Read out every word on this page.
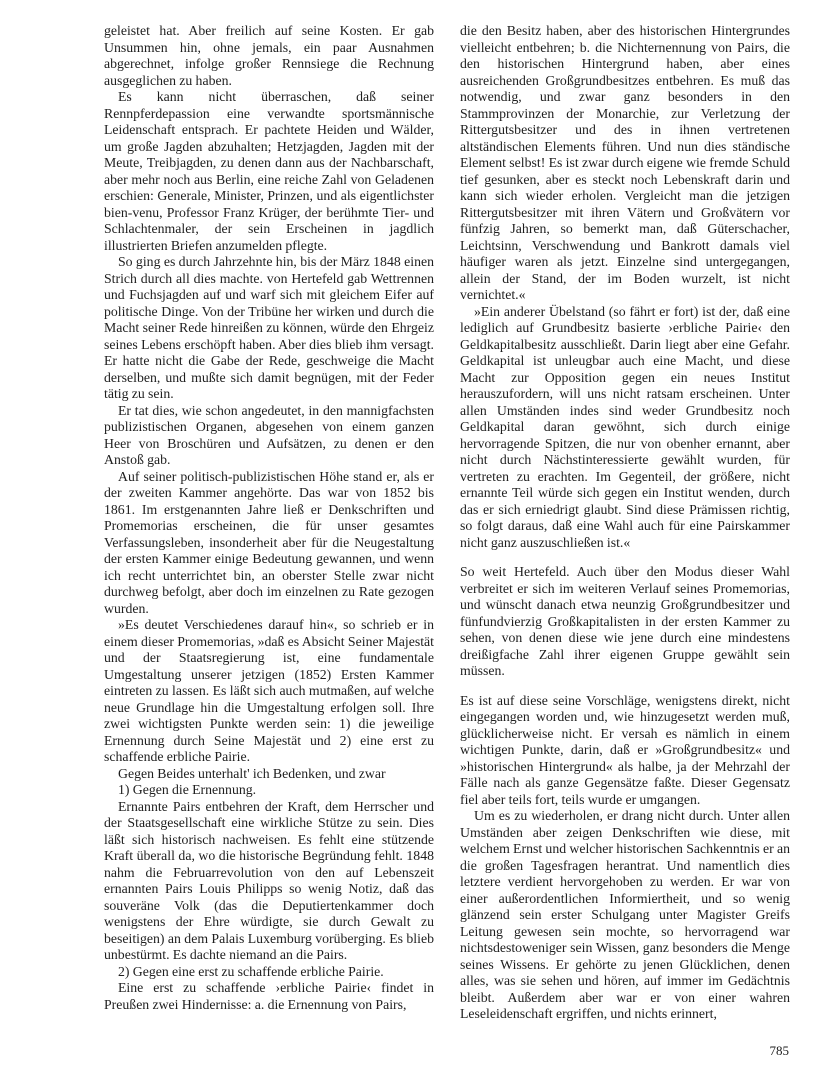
geleistet hat. Aber freilich auf seine Kosten. Er gab Unsummen hin, ohne jemals, ein paar Ausnahmen abgerechnet, infolge großer Rennsiege die Rechnung ausgeglichen zu haben.

Es kann nicht überraschen, daß seiner Rennpferdepassion eine verwandte sportsmännische Leidenschaft entsprach. Er pachtete Heiden und Wälder, um große Jagden abzuhalten; Hetzjagden, Jagden mit der Meute, Treibjagden, zu denen dann aus der Nachbarschaft, aber mehr noch aus Berlin, eine reiche Zahl von Geladenen erschien: Generale, Minister, Prinzen, und als eigentlichster bien-venu, Professor Franz Krüger, der berühmte Tier- und Schlachtenmaler, der sein Erscheinen in jagdlich illustrierten Briefen anzumelden pflegte.

So ging es durch Jahrzehnte hin, bis der März 1848 einen Strich durch all dies machte. von Hertefeld gab Wettrennen und Fuchsjagden auf und warf sich mit gleichem Eifer auf politische Dinge. Von der Tribüne her wirken und durch die Macht seiner Rede hinreißen zu können, würde den Ehrgeiz seines Lebens erschöpft haben. Aber dies blieb ihm versagt. Er hatte nicht die Gabe der Rede, geschweige die Macht derselben, und mußte sich damit begnügen, mit der Feder tätig zu sein.

Er tat dies, wie schon angedeutet, in den mannigfachsten publizistischen Organen, abgesehen von einem ganzen Heer von Broschüren und Aufsätzen, zu denen er den Anstoß gab.

Auf seiner politisch-publizistischen Höhe stand er, als er der zweiten Kammer angehörte. Das war von 1852 bis 1861. Im erstgenannten Jahre ließ er Denkschriften und Promemorias erscheinen, die für unser gesamtes Verfassungsleben, insonderheit aber für die Neugestaltung der ersten Kammer einige Bedeutung gewannen, und wenn ich recht unterrichtet bin, an oberster Stelle zwar nicht durchweg befolgt, aber doch im einzelnen zu Rate gezogen wurden.

»Es deutet Verschiedenes darauf hin«, so schrieb er in einem dieser Promemorias, »daß es Absicht Seiner Majestät und der Staatsregierung ist, eine fundamentale Umgestaltung unserer jetzigen (1852) Ersten Kammer eintreten zu lassen. Es läßt sich auch mutmaßen, auf welche neue Grundlage hin die Umgestaltung erfolgen soll. Ihre zwei wichtigsten Punkte werden sein: 1) die jeweilige Ernennung durch Seine Majestät und 2) eine erst zu schaffende erbliche Pairie.

Gegen Beides unterhalt' ich Bedenken, und zwar

1) Gegen die Ernennung.

Ernannte Pairs entbehren der Kraft, dem Herrscher und der Staatsgesellschaft eine wirkliche Stütze zu sein. Dies läßt sich historisch nachweisen. Es fehlt eine stützende Kraft überall da, wo die historische Begründung fehlt. 1848 nahm die Februarrevolution von den auf Lebenszeit ernannten Pairs Louis Philipps so wenig Notiz, daß das souveräne Volk (das die Deputiertenkammer doch wenigstens der Ehre würdigte, sie durch Gewalt zu beseitigen) an dem Palais Luxemburg vorüberging. Es blieb unbestürmt. Es dachte niemand an die Pairs.

2) Gegen eine erst zu schaffende erbliche Pairie.

Eine erst zu schaffende ›erbliche Pairie‹ findet in Preußen zwei Hindernisse: a. die Ernennung von Pairs,

die den Besitz haben, aber des historischen Hintergrundes vielleicht entbehren; b. die Nichternennung von Pairs, die den historischen Hintergrund haben, aber eines ausreichenden Großgrundbesitzes entbehren. Es muß das notwendig, und zwar ganz besonders in den Stammprovinzen der Monarchie, zur Verletzung der Rittergutsbesitzer und des in ihnen vertretenen altständischen Elements führen. Und nun dies ständische Element selbst! Es ist zwar durch eigene wie fremde Schuld tief gesunken, aber es steckt noch Lebenskraft darin und kann sich wieder erholen. Vergleicht man die jetzigen Rittergutsbesitzer mit ihren Vätern und Großvätern vor fünfzig Jahren, so bemerkt man, daß Güterschacher, Leichtsinn, Verschwendung und Bankrott damals viel häufiger waren als jetzt. Einzelne sind untergegangen, allein der Stand, der im Boden wurzelt, ist nicht vernichtet.«

»Ein anderer Übelstand (so fährt er fort) ist der, daß eine lediglich auf Grundbesitz basierte ›erbliche Pairie‹ den Geldkapitalbesitz ausschließt. Darin liegt aber eine Gefahr. Geldkapital ist unleugbar auch eine Macht, und diese Macht zur Opposition gegen ein neues Institut herauszufordern, will uns nicht ratsam erscheinen. Unter allen Umständen indes sind weder Grundbesitz noch Geldkapital daran gewöhnt, sich durch einige hervorragende Spitzen, die nur von obenher ernannt, aber nicht durch Nächstinteressierte gewählt wurden, für vertreten zu erachten. Im Gegenteil, der größere, nicht ernannte Teil würde sich gegen ein Institut wenden, durch das er sich erniedrigt glaubt. Sind diese Prämissen richtig, so folgt daraus, daß eine Wahl auch für eine Pairskammer nicht ganz auszuschließen ist.«

So weit Hertefeld. Auch über den Modus dieser Wahl verbreitet er sich im weiteren Verlauf seines Promemorias, und wünscht danach etwa neunzig Großgrundbesitzer und fünfundvierzig Großkapitalisten in der ersten Kammer zu sehen, von denen diese wie jene durch eine mindestens dreißigfache Zahl ihrer eigenen Gruppe gewählt sein müssen.

Es ist auf diese seine Vorschläge, wenigstens direkt, nicht eingegangen worden und, wie hinzugesetzt werden muß, glücklicherweise nicht. Er versah es nämlich in einem wichtigen Punkte, darin, daß er »Großgrundbesitz« und »historischen Hintergrund« als halbe, ja der Mehrzahl der Fälle nach als ganze Gegensätze faßte. Dieser Gegensatz fiel aber teils fort, teils wurde er umgangen.

Um es zu wiederholen, er drang nicht durch. Unter allen Umständen aber zeigen Denkschriften wie diese, mit welchem Ernst und welcher historischen Sachkenntnis er an die großen Tagesfragen herantrat. Und namentlich dies letztere verdient hervorgehoben zu werden. Er war von einer außerordentlichen Informiertheit, und so wenig glänzend sein erster Schulgang unter Magister Greifs Leitung gewesen sein mochte, so hervorragend war nichtsdestoweniger sein Wissen, ganz besonders die Menge seines Wissens. Er gehörte zu jenen Glücklichen, denen alles, was sie sehen und hören, auf immer im Gedächtnis bleibt. Außerdem aber war er von einer wahren Leseleidenschaft ergriffen, und nichts erinnert,

785
